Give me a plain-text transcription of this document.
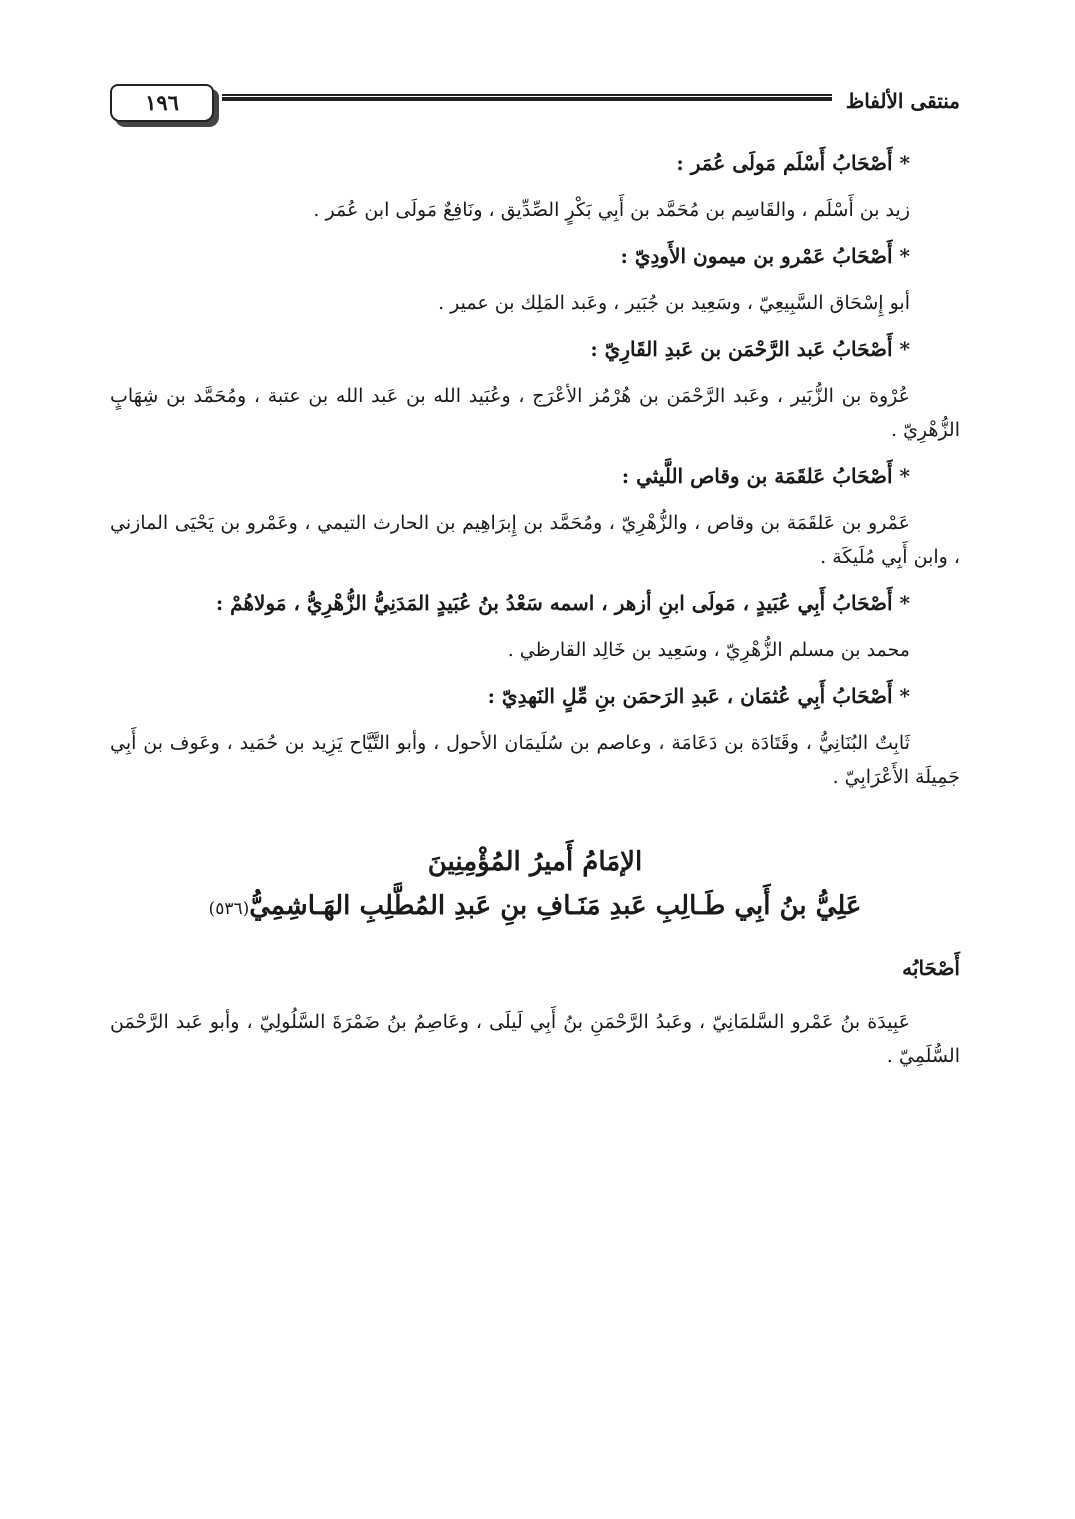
منتقى الألفاظ
١٩٦
* أَصْحَابُ أَسْلَم مَولَى عُمَر :

زيد بن أَسْلَم ، والقَاسِم بن مُحَمَّد بن أَبِي بَكْرٍ الصِّدِّيق ، ونَافِعٌ مَولَى ابن عُمَر .

* أَصْحَابُ عَمْرو بن ميمون الأَودِيّ :

أبو إِسْحَاق السَّبِيعِيّ ، وسَعِيد بن جُبَير ، وعَبد المَلِك بن عمير .

* أَصْحَابُ عَبد الرَّحْمَن بن عَبدِ القَارِيّ :

عُرْوة بن الزُّبَير ، وعَبد الرَّحْمَن بن هُرْمُز الأعْرَج ، وعُبَيد الله بن عَبد الله بن عتبة ، ومُحَمَّد بن شِهَابٍ الزُّهْرِيّ .

* أَصْحَابُ عَلقَمَة بن وقاص اللَّيثي :

عَمْرو بن عَلقَمَة بن وقاص ، والزُّهْرِيّ ، ومُحَمَّد بن إِبرَاهِيم بن الحارث التيمي ، وعَمْرو بن يَحْيَى المازني ، وابن أَبِي مُلَيكَة .

* أَصْحَابُ أَبِي عُبَيدٍ ، مَولَى ابنِ أزهر ، اسمه سَعْدُ بنُ عُبَيدٍ المَدَنِيُّ الزُّهْرِيُّ ، مَولاهُمْ :

محمد بن مسلم الزُّهْرِيّ ، وسَعِيد بن خَالِد القارظي .

* أَصْحَابُ أَبِي عُثمَان ، عَبدِ الرَحمَن بنِ مِّلٍ النَهدِيّ :

ثَابِتٌ البُنَانِيُّ ، وقَتَادَة بن دَعَامَة ، وعاصم بن سُلَيمَان الأحول ، وأبو التَّيَّاح يَزِيد بن حُمَيد ، وعَوف بن أَبِي جَمِيلَة الأَعْرَابِيّ .

الإمَامُ أَميرُ المُؤْمِنِينَ
عَلِيُّ بنُ أَبِي طَـالِبِ عَبدِ مَنَـافِ بنِ عَبدِ المُطَّلِبِ الهَـاشِمِيُّ(٥٣٦)
أَصْحَابُه

عَبِيدَة بنُ عَمْرو السَّلمَانِيّ ، وعَبدُ الرَّحْمَنِ بنُ أَبِي لَيلَى ، وعَاصِمُ بنُ ضَمْرَةَ السَّلُولِيّ ، وأبو عَبد الرَّحْمَن السُّلَمِيّ .
